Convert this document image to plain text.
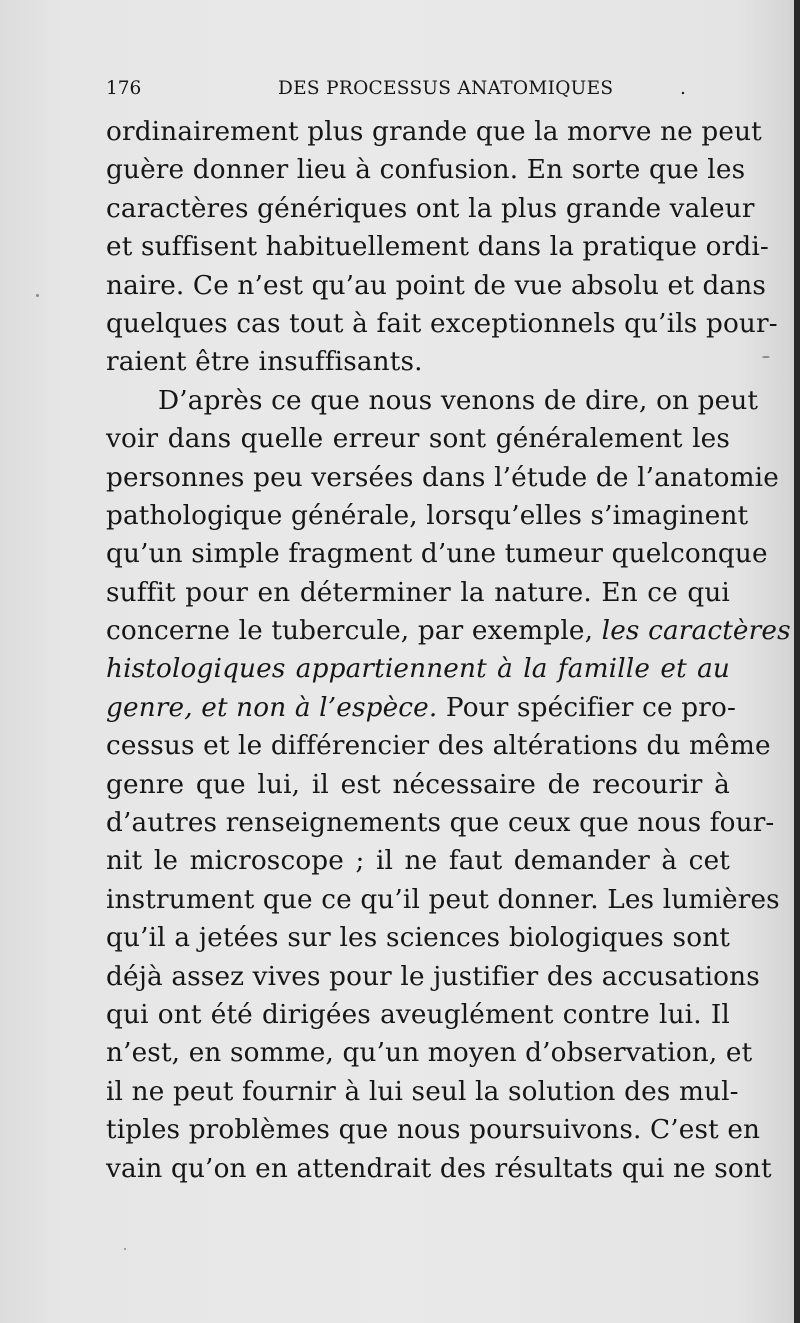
176	DES PROCESSUS ANATOMIQUES	.
ordinairement plus grande que la morve ne peut
guère donner lieu à confusion. En sorte que les
caractères génériques ont la plus grande valeur
et suffisent habituellement dans la pratique ordi-
naire. Ce n’est qu’au point de vue absolu et dans
quelques cas tout à fait exceptionnels qu’ils pour-
raient être insuffisants.
D’après ce que nous venons de dire, on peut
voir dans quelle erreur sont généralement les
personnes peu versées dans l’étude de l’anatomie
pathologique générale, lorsqu’elles s’imaginent
qu’un simple fragment d’une tumeur quelconque
suffit pour en déterminer la nature. En ce qui
concerne le tubercule, par exemple, les caractères
histologiques appartiennent à la famille et au
genre, et non à l’espèce. Pour spécifier ce pro-
cessus et le différencier des altérations du même
genre que lui, il est nécessaire de recourir à
d’autres renseignements que ceux que nous four-
nit le microscope ; il ne faut demander à cet
instrument que ce qu’il peut donner. Les lumières
qu’il a jetées sur les sciences biologiques sont
déjà assez vives pour le justifier des accusations
qui ont été dirigées aveuglément contre lui. Il
n’est, en somme, qu’un moyen d’observation, et
il ne peut fournir à lui seul la solution des mul-
tiples problèmes que nous poursuivons. C’est en
vain qu’on en attendrait des résultats qui ne sont
